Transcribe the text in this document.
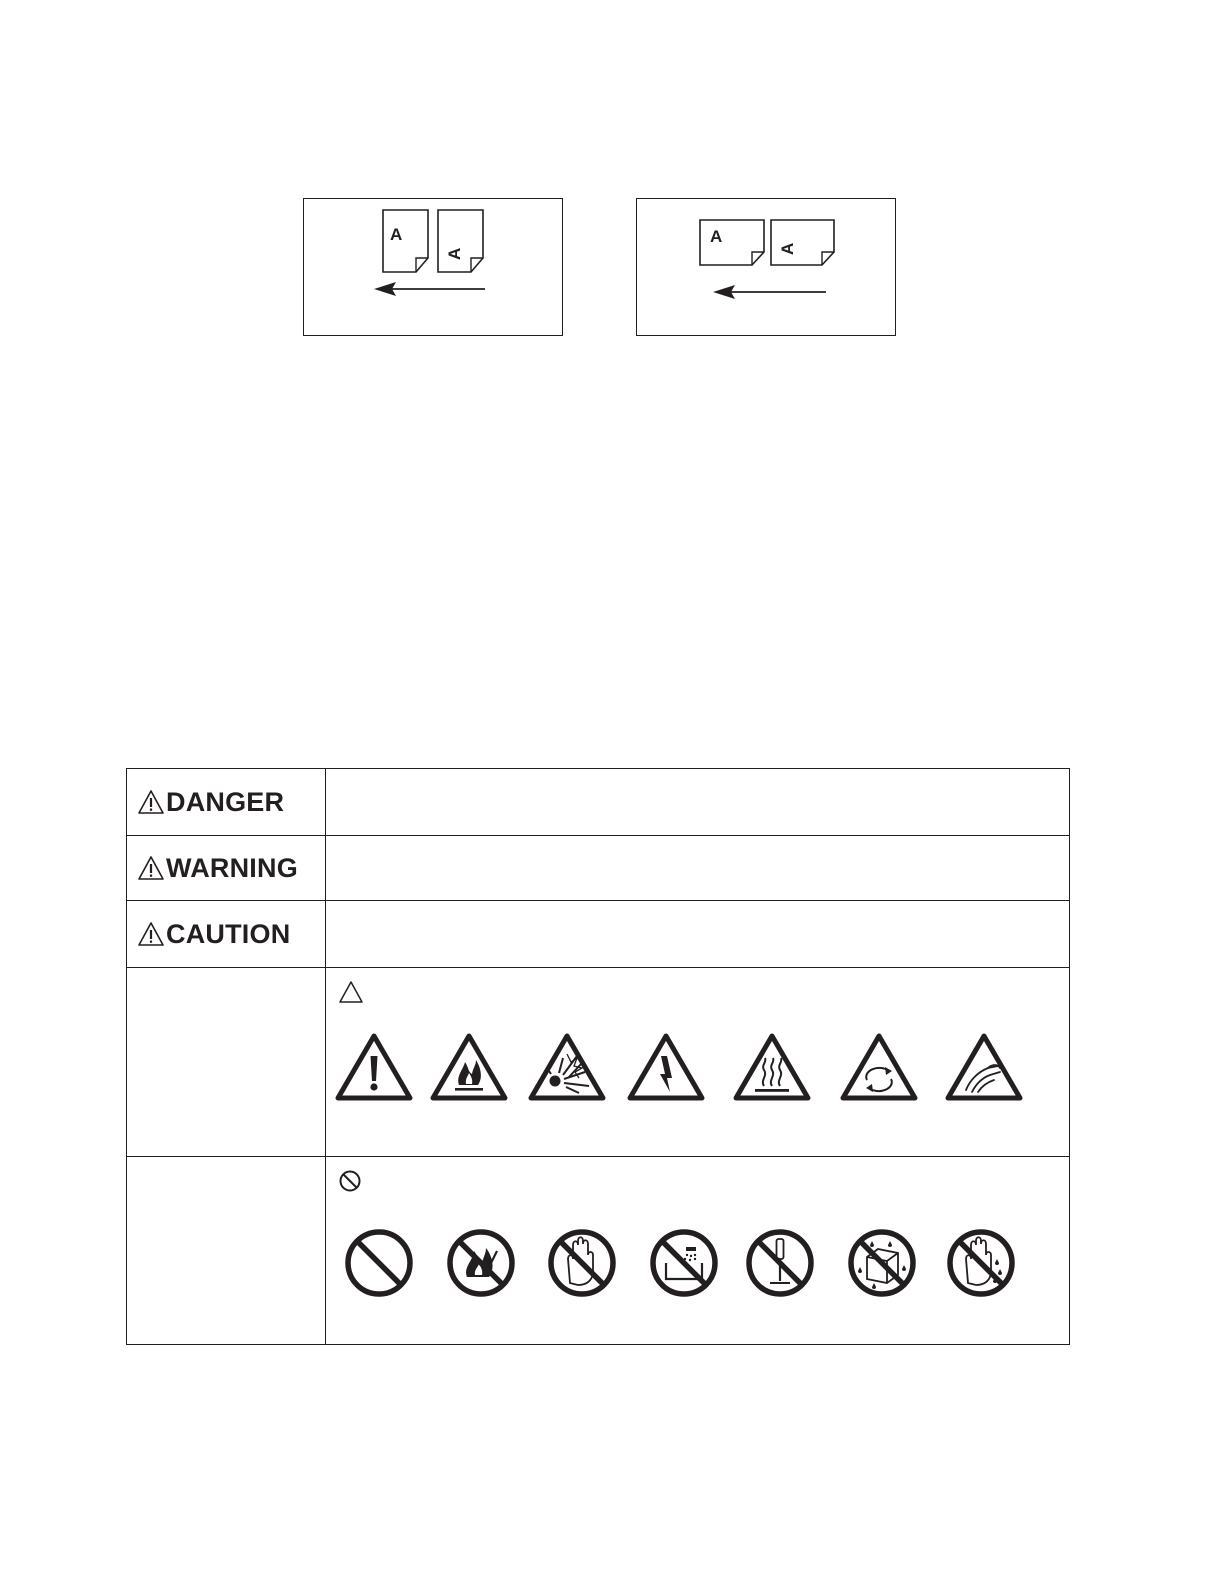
A
A
A
A
DANGER	

WARNING	

CAUTION	
